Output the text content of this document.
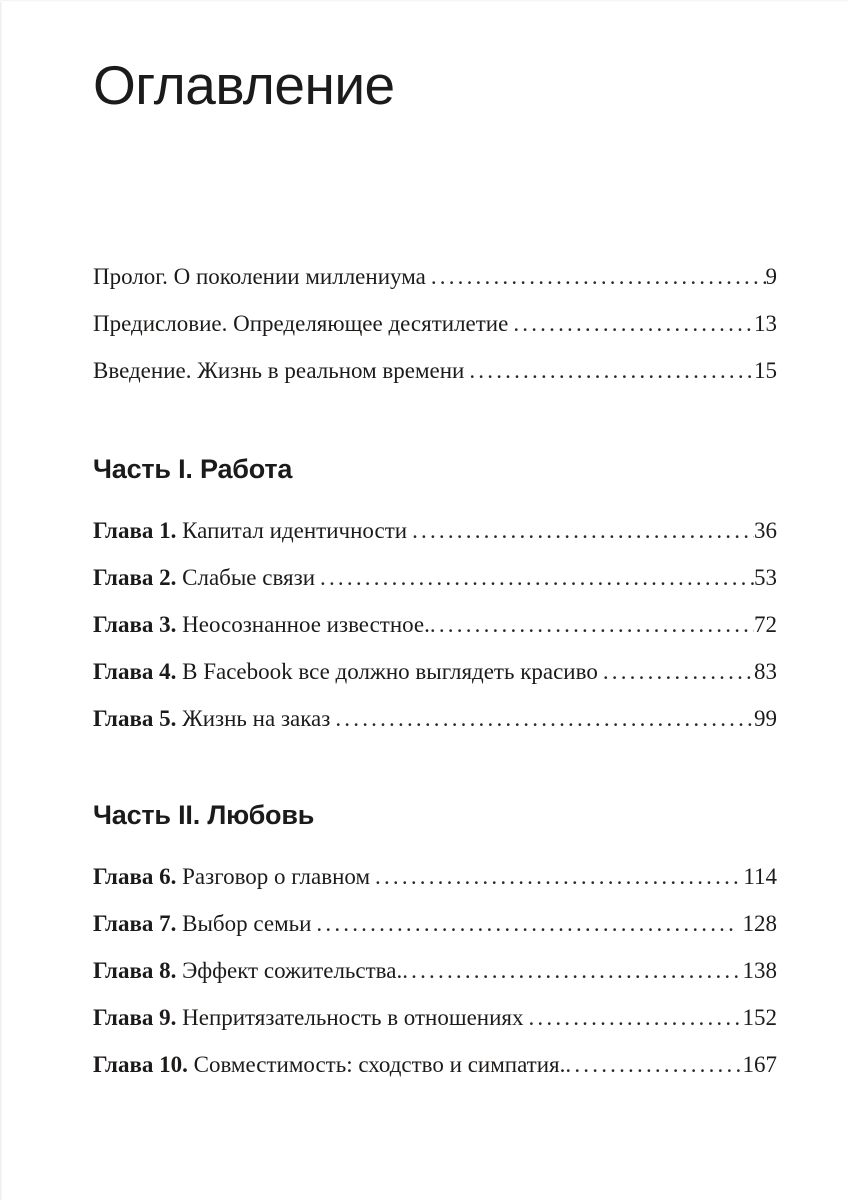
Оглавление
Пролог. О поколении миллениума .....	9
Предисловие. Определяющее десятилетие .....	13
Введение. Жизнь в реальном времени .....	15
Часть I. Работа
Глава 1. Капитал идентичности .....	36
Глава 2. Слабые связи .....	53
Глава 3. Неосознанное известное. .....	72
Глава 4. В Facebook все должно выглядеть красиво .....	83
Глава 5. Жизнь на заказ .....	99
Часть II. Любовь
Глава 6. Разговор о главном .....	114
Глава 7. Выбор семьи .....	128
Глава 8. Эффект сожительства. .....	138
Глава 9. Непритязательность в отношениях .....	152
Глава 10. Совместимость: сходство и симпатия. .....	167
